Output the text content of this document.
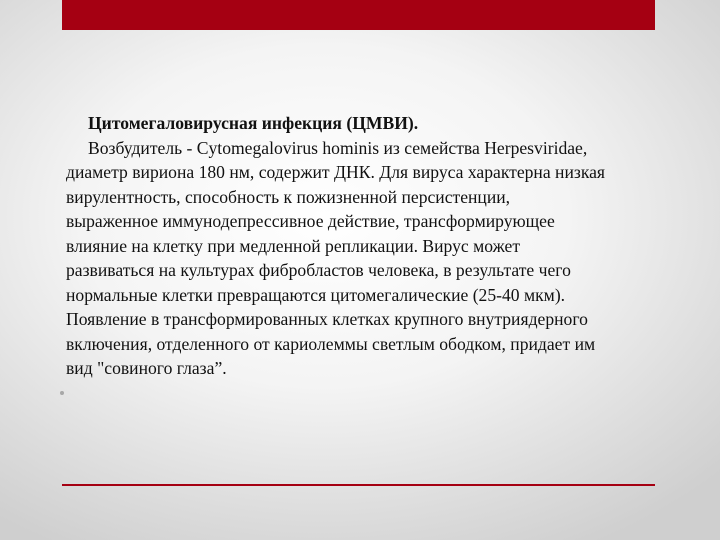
Цитомегаловирусная инфекция (ЦМВИ).

Возбудитель - Cytomegalovirus hominis из семейства Herpesviridae, диаметр вириона 180 нм, содержит ДНК. Для вируса характерна низкая вирулентность, способность к пожизненной персистенции, выраженное иммунодепрессивное действие, трансформирующее влияние на клетку при медленной репликации. Вирус может развиваться на культурах фибробластов человека, в результате чего нормальные клетки превращаются цитомегалические (25-40 мкм). Появление в трансформированных клетках крупного внутриядерного включения, отделенного от кариолеммы светлым ободком, придает им вид "совиного глаза”.
